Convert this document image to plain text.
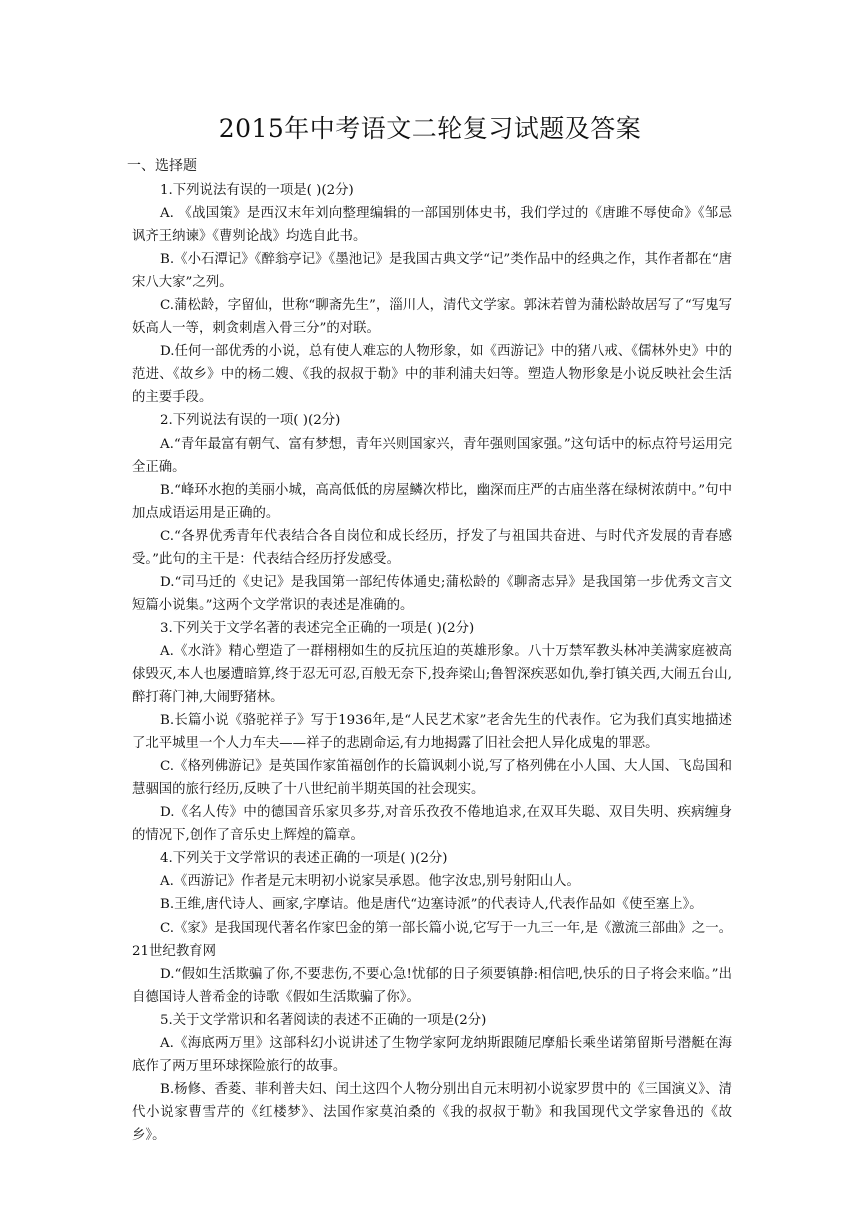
2015年中考语文二轮复习试题及答案
一、选择题

1.下列说法有误的一项是( )(2分)

A. 《战国策》是西汉末年刘向整理编辑的一部国别体史书，我们学过的《唐雎不辱使命》《邹忌讽齐王纳谏》《曹刿论战》均选自此书。

B.《小石潭记》《醉翁亭记》《墨池记》是我国古典文学“记”类作品中的经典之作，其作者都在“唐宋八大家”之列。

C.蒲松龄，字留仙，世称“聊斋先生”，淄川人，清代文学家。郭沫若曾为蒲松龄故居写了“写鬼写妖高人一等，刺贪刺虐入骨三分”的对联。

D.任何一部优秀的小说，总有使人难忘的人物形象，如《西游记》中的猪八戒、《儒林外史》中的范进、《故乡》中的杨二嫂、《我的叔叔于勒》中的菲利浦夫妇等。塑造人物形象是小说反映社会生活的主要手段。

2.下列说法有误的一项( )(2分)

A.“青年最富有朝气、富有梦想，青年兴则国家兴，青年强则国家强。”这句话中的标点符号运用完全正确。

B.“峰环水抱的美丽小城，高高低低的房屋鳞次栉比，幽深而庄严的古庙坐落在绿树浓荫中。”句中加点成语运用是正确的。

C.“各界优秀青年代表结合各自岗位和成长经历，抒发了与祖国共奋进、与时代齐发展的青春感受。”此句的主干是：代表结合经历抒发感受。

D.“司马迁的《史记》是我国第一部纪传体通史;蒲松龄的《聊斋志异》是我国第一步优秀文言文短篇小说集。”这两个文学常识的表述是准确的。

3.下列关于文学名著的表述完全正确的一项是( )(2分)

A.《水浒》精心塑造了一群栩栩如生的反抗压迫的英雄形象。八十万禁军教头林冲美满家庭被高俅毁灭,本人也屡遭暗算,终于忍无可忍,百般无奈下,投奔梁山;鲁智深疾恶如仇,拳打镇关西,大闹五台山,醉打蒋门神,大闹野猪林。

B.长篇小说《骆驼祥子》写于1936年,是“人民艺术家”老舍先生的代表作。它为我们真实地描述了北平城里一个人力车夫——祥子的悲剧命运,有力地揭露了旧社会把人异化成鬼的罪恶。

C.《格列佛游记》是英国作家笛福创作的长篇讽刺小说,写了格列佛在小人国、大人国、飞岛国和慧骃国的旅行经历,反映了十八世纪前半期英国的社会现实。

D.《名人传》中的德国音乐家贝多芬,对音乐孜孜不倦地追求,在双耳失聪、双目失明、疾病缠身的情况下,创作了音乐史上辉煌的篇章。

4.下列关于文学常识的表述正确的一项是( )(2分)

A.《西游记》作者是元末明初小说家吴承恩。他字汝忠,别号射阳山人。

B.王维,唐代诗人、画家,字摩诘。他是唐代“边塞诗派”的代表诗人,代表作品如《使至塞上》。

C.《家》是我国现代著名作家巴金的第一部长篇小说,它写于一九三一年,是《激流三部曲》之一。21世纪教育网

D.“假如生活欺骗了你,不要悲伤,不要心急!忧郁的日子须要镇静:相信吧,快乐的日子将会来临。”出自德国诗人普希金的诗歌《假如生活欺骗了你》。

5.关于文学常识和名著阅读的表述不正确的一项是(2分)

A.《海底两万里》这部科幻小说讲述了生物学家阿龙纳斯跟随尼摩船长乘坐诺第留斯号潜艇在海底作了两万里环球探险旅行的故事。

B.杨修、香菱、菲利普夫妇、闰土这四个人物分别出自元末明初小说家罗贯中的《三国演义》、清代小说家曹雪芹的《红楼梦》、法国作家莫泊桑的《我的叔叔于勒》和我国现代文学家鲁迅的《故乡》。
